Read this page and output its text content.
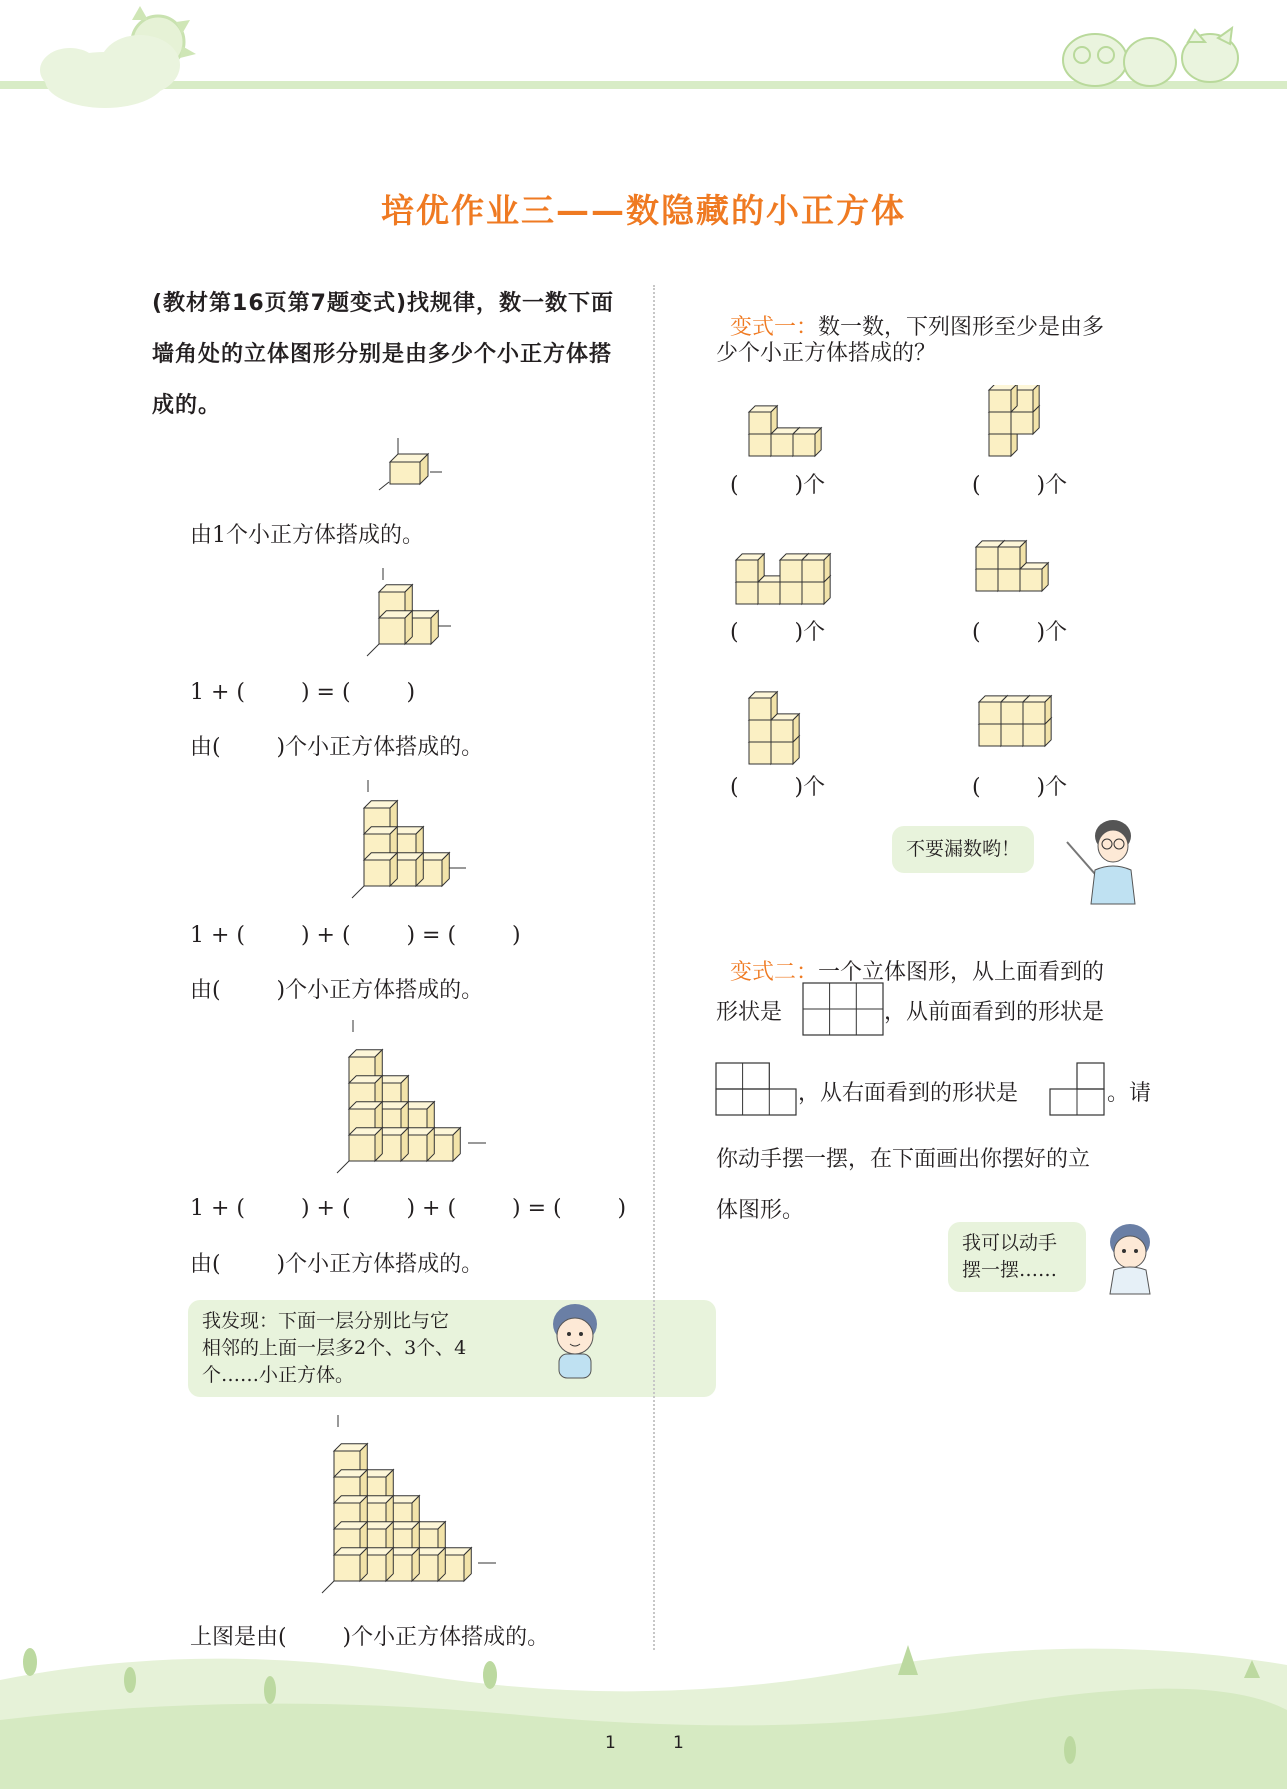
培优作业三——数隐藏的小正方体
(教材第16页第7题变式)找规律，数一数下面墙角处的立体图形分别是由多少个小正方体搭成的。
由1个小正方体搭成的。
1 + (        ) = (        )
由(        )个小正方体搭成的。
1 + (        ) + (        ) = (        )
由(        )个小正方体搭成的。
1 + (        ) + (        ) + (        ) = (        )
由(        )个小正方体搭成的。
我发现：下面一层分别比与它
相邻的上面一层多2个、3个、4
个……小正方体。
上图是由(        )个小正方体搭成的。

变式一：数一数，下列图形至少是由多

少个小正方体搭成的？
(        )个	(        )个
(        )个	(        )个
(        )个	(        )个
不要漏数哟！

变式二：一个立体图形，从上面看到的

形状是	，从前面看到的形状是
，从右面看到的形状是	。请
你动手摆一摆，在下面画出你摆好的立
体图形。
我可以动手
摆一摆……
1	1
